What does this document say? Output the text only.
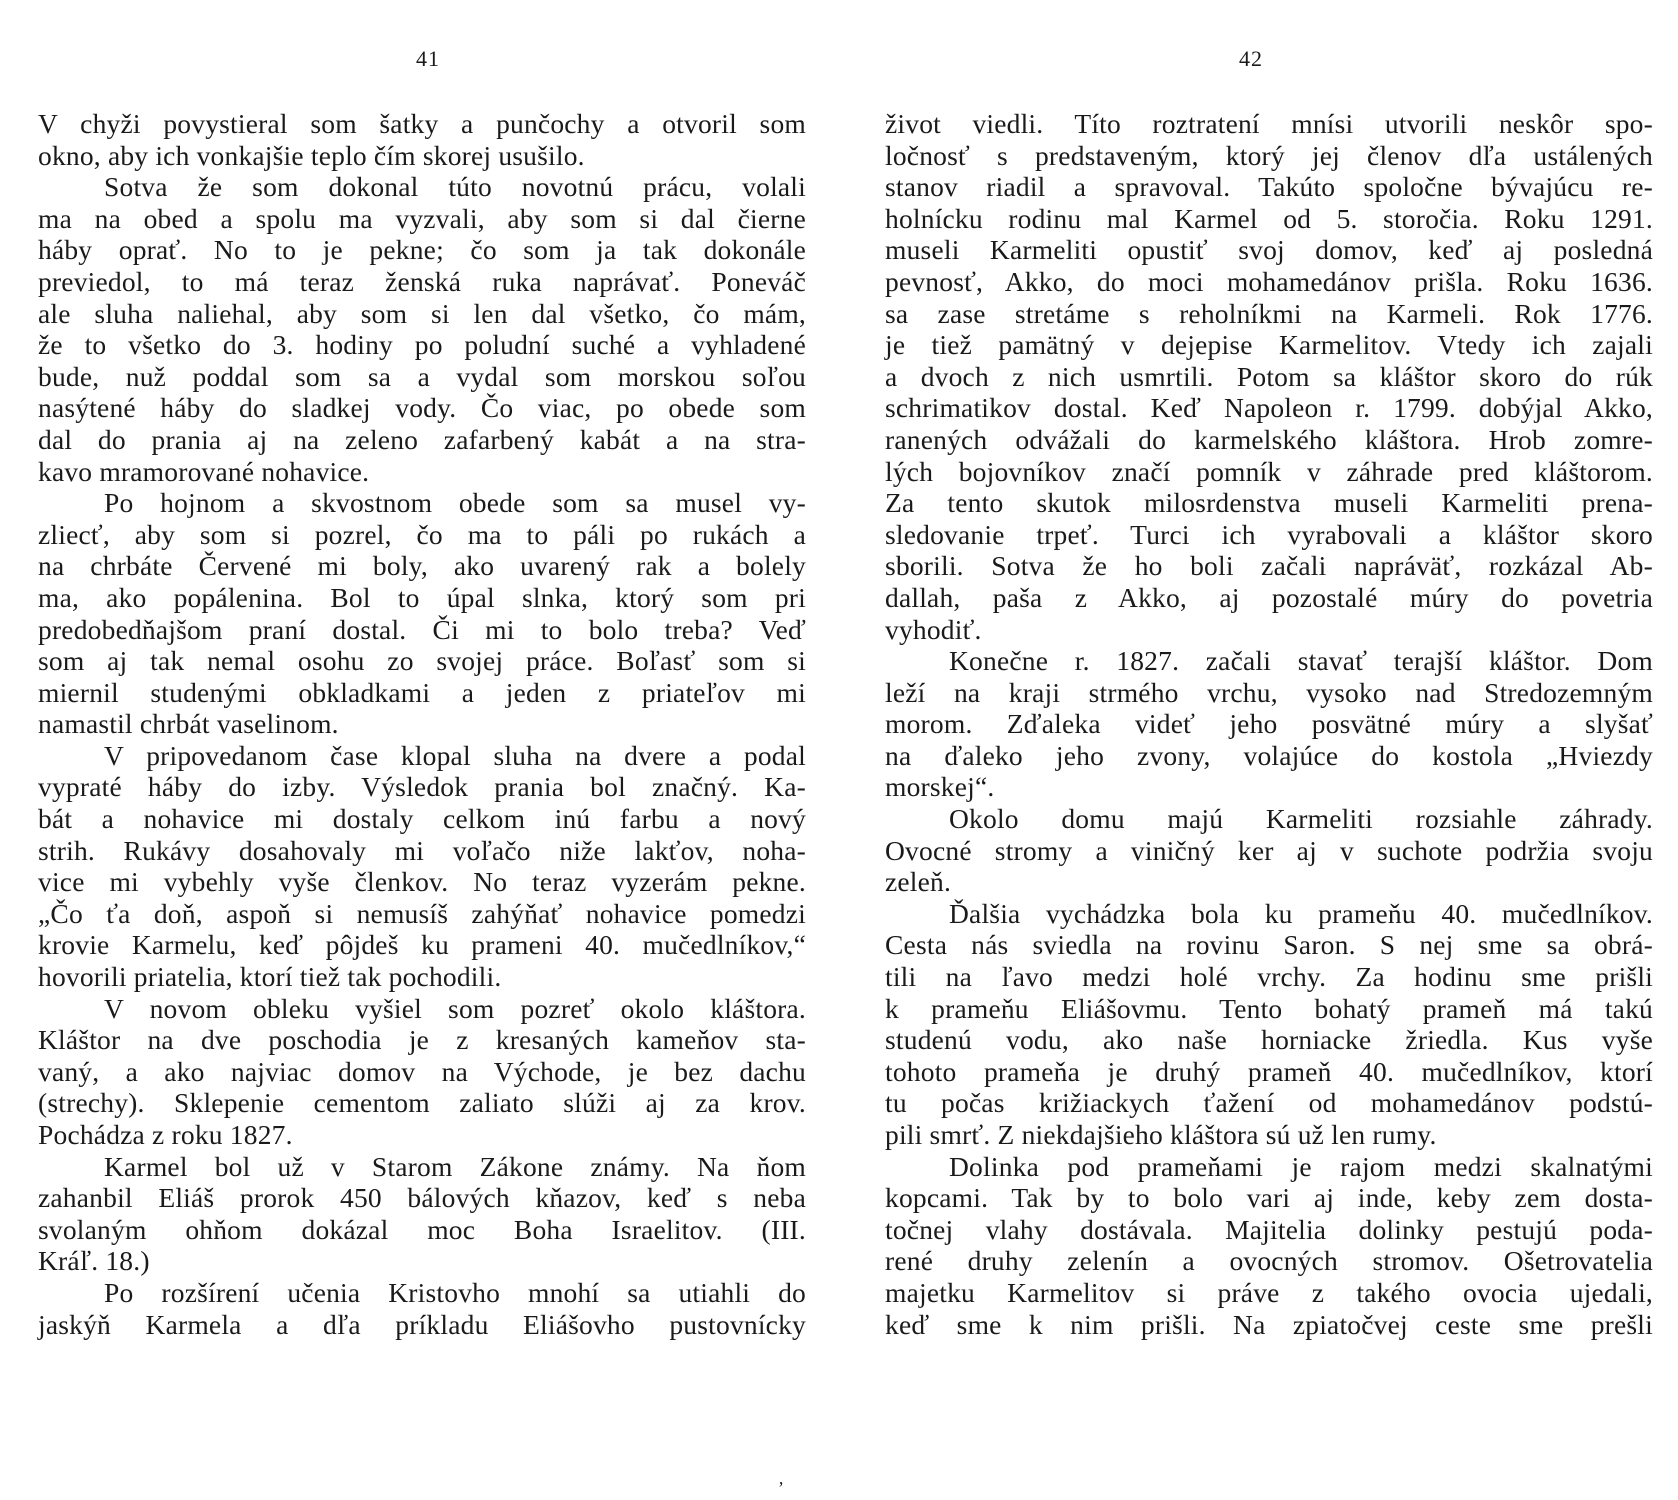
41
V chyži povystieral som šatky a punčochy a otvoril som
okno, aby ich vonkajšie teplo čím skorej usušilo.
Sotva že som dokonal túto novotnú prácu, volali
ma na obed a spolu ma vyzvali, aby som si dal čierne
háby oprať. No to je pekne; čo som ja tak dokonále
previedol, to má teraz ženská ruka naprávať. Poneváč
ale sluha naliehal, aby som si len dal všetko, čo mám,
že to všetko do 3. hodiny po poludní suché a vyhladené
bude, nuž poddal som sa a vydal som morskou soľou
nasýtené háby do sladkej vody. Čo viac, po obede som
dal do prania aj na zeleno zafarbený kabát a na stra-
kavo mramorované nohavice.
Po hojnom a skvostnom obede som sa musel vy-
zliecť, aby som si pozrel, čo ma to páli po rukách a
na chrbáte Červené mi boly, ako uvarený rak a bolely
ma, ako popálenina. Bol to úpal slnka, ktorý som pri
predobedňajšom praní dostal. Či mi to bolo treba? Veď
som aj tak nemal osohu zo svojej práce. Boľasť som si
miernil studenými obkladkami a jeden z priateľov mi
namastil chrbát vaselinom.
V pripovedanom čase klopal sluha na dvere a podal
vyprаté háby do izby. Výsledok prania bol značný. Ka-
bát a nohavice mi dostaly celkom inú farbu a nový
strih. Rukávy dosahovaly mi voľačo niže lakťov, noha-
vice mi vybehly vyše členkov. No teraz vyzerám pekne.
„Čo ťa doň, aspoň si nemusíš zahýňať nohavice pomedzi
krovie Karmelu, keď pôjdeš ku prameni 40. mučedlníkov,“
hovorili priatelia, ktorí tiež tak pochodili.
V novom obleku vyšiel som pozreť okolo kláštora.
Kláštor na dve poschodia je z kresaných kameňov sta-
vaný, a ako najviac domov na Východe, je bez dachu
(strechy). Sklepenie cementom zaliato slúži aj za krov.
Pochádza z roku 1827.
Karmel bol už v Starom Zákone známy. Na ňom
zahanbil Eliáš prorok 450 bálových kňazov, keď s neba
svolaným ohňom dokázal moc Boha Israelitov. (III.
Kráľ. 18.)
Po rozšírení učenia Kristovho mnohí sa utiahli do
jaskýň Karmela a dľa príkladu Eliášovho pustovnícky
42
život viedli. Títo roztratení mnísi utvorili neskôr spo-
ločnosť s predstaveným, ktorý jej členov dľa ustálených
stanov riadil a spravoval. Takúto spoločne bývajúcu re-
holnícku rodinu mal Karmel od 5. storočia. Roku 1291.
museli Karmeliti opustiť svoj domov, keď aj posledná
pevnosť, Akko, do moci mohamedánov prišla. Roku 1636.
sa zase stretáme s reholníkmi na Karmeli. Rok 1776.
je tiež pamätný v dejepise Karmelitov. Vtedy ich zajali
a dvoch z nich usmrtili. Potom sa kláštor skoro do rúk
schrimatikov dostal. Keď Napoleon r. 1799. dobýjal Akko,
ranených odvážali do karmelského kláštora. Hrob zomre-
lých bojovníkov značí pomník v záhrade pred kláštorom.
Za tento skutok milosrdenstva museli Karmeliti prena-
sledovanie trpeť. Turci ich vyrabovali a kláštor skoro
sborili. Sotva že ho boli začali napráväť, rozkázal Ab-
dallah, paša z Akko, aj pozostalé múry do povetria
vyhodiť.
Konečne r. 1827. začali stavať terajší kláštor. Dom
leží na kraji strmého vrchu, vysoko nad Stredozemným
morom. Zďaleka videť jeho posvätné múry a slyšať
na ďaleko jeho zvony, volajúce do kostola „Hviezdy
morskej“.
Okolo domu majú Karmeliti rozsiahle záhrady.
Ovocné stromy a viničný ker aj v suchote podržia svoju
zeleň.
Ďalšia vychádzka bola ku prameňu 40. mučedlníkov.
Cesta nás sviedla na rovinu Saron. S nej sme sa obrá-
tili na ľavo medzi holé vrchy. Za hodinu sme prišli
k prameňu Eliášovmu. Tento bohatý prameň má takú
studenú vodu, ako naše horniacke žriedla. Kus vyše
tohoto prameňa je druhý prameň 40. mučedlníkov, ktorí
tu počas križiackych ťažení od mohamedánov podstú-
pili smrť. Z niekdajšieho kláštora sú už len rumy.
Dolinka pod prameňami je rajom medzi skalnatými
kopcami. Tak by to bolo vari aj inde, keby zem dosta-
točnej vlahy dostávala. Majitelia dolinky pestujú poda-
rené druhy zelenín a ovocných stromov. Ošetrovatelia
majetku Karmelitov si práve z takého ovocia ujedali,
keď sme k nim prišli. Na zpiatočvej ceste sme prešli
‚
